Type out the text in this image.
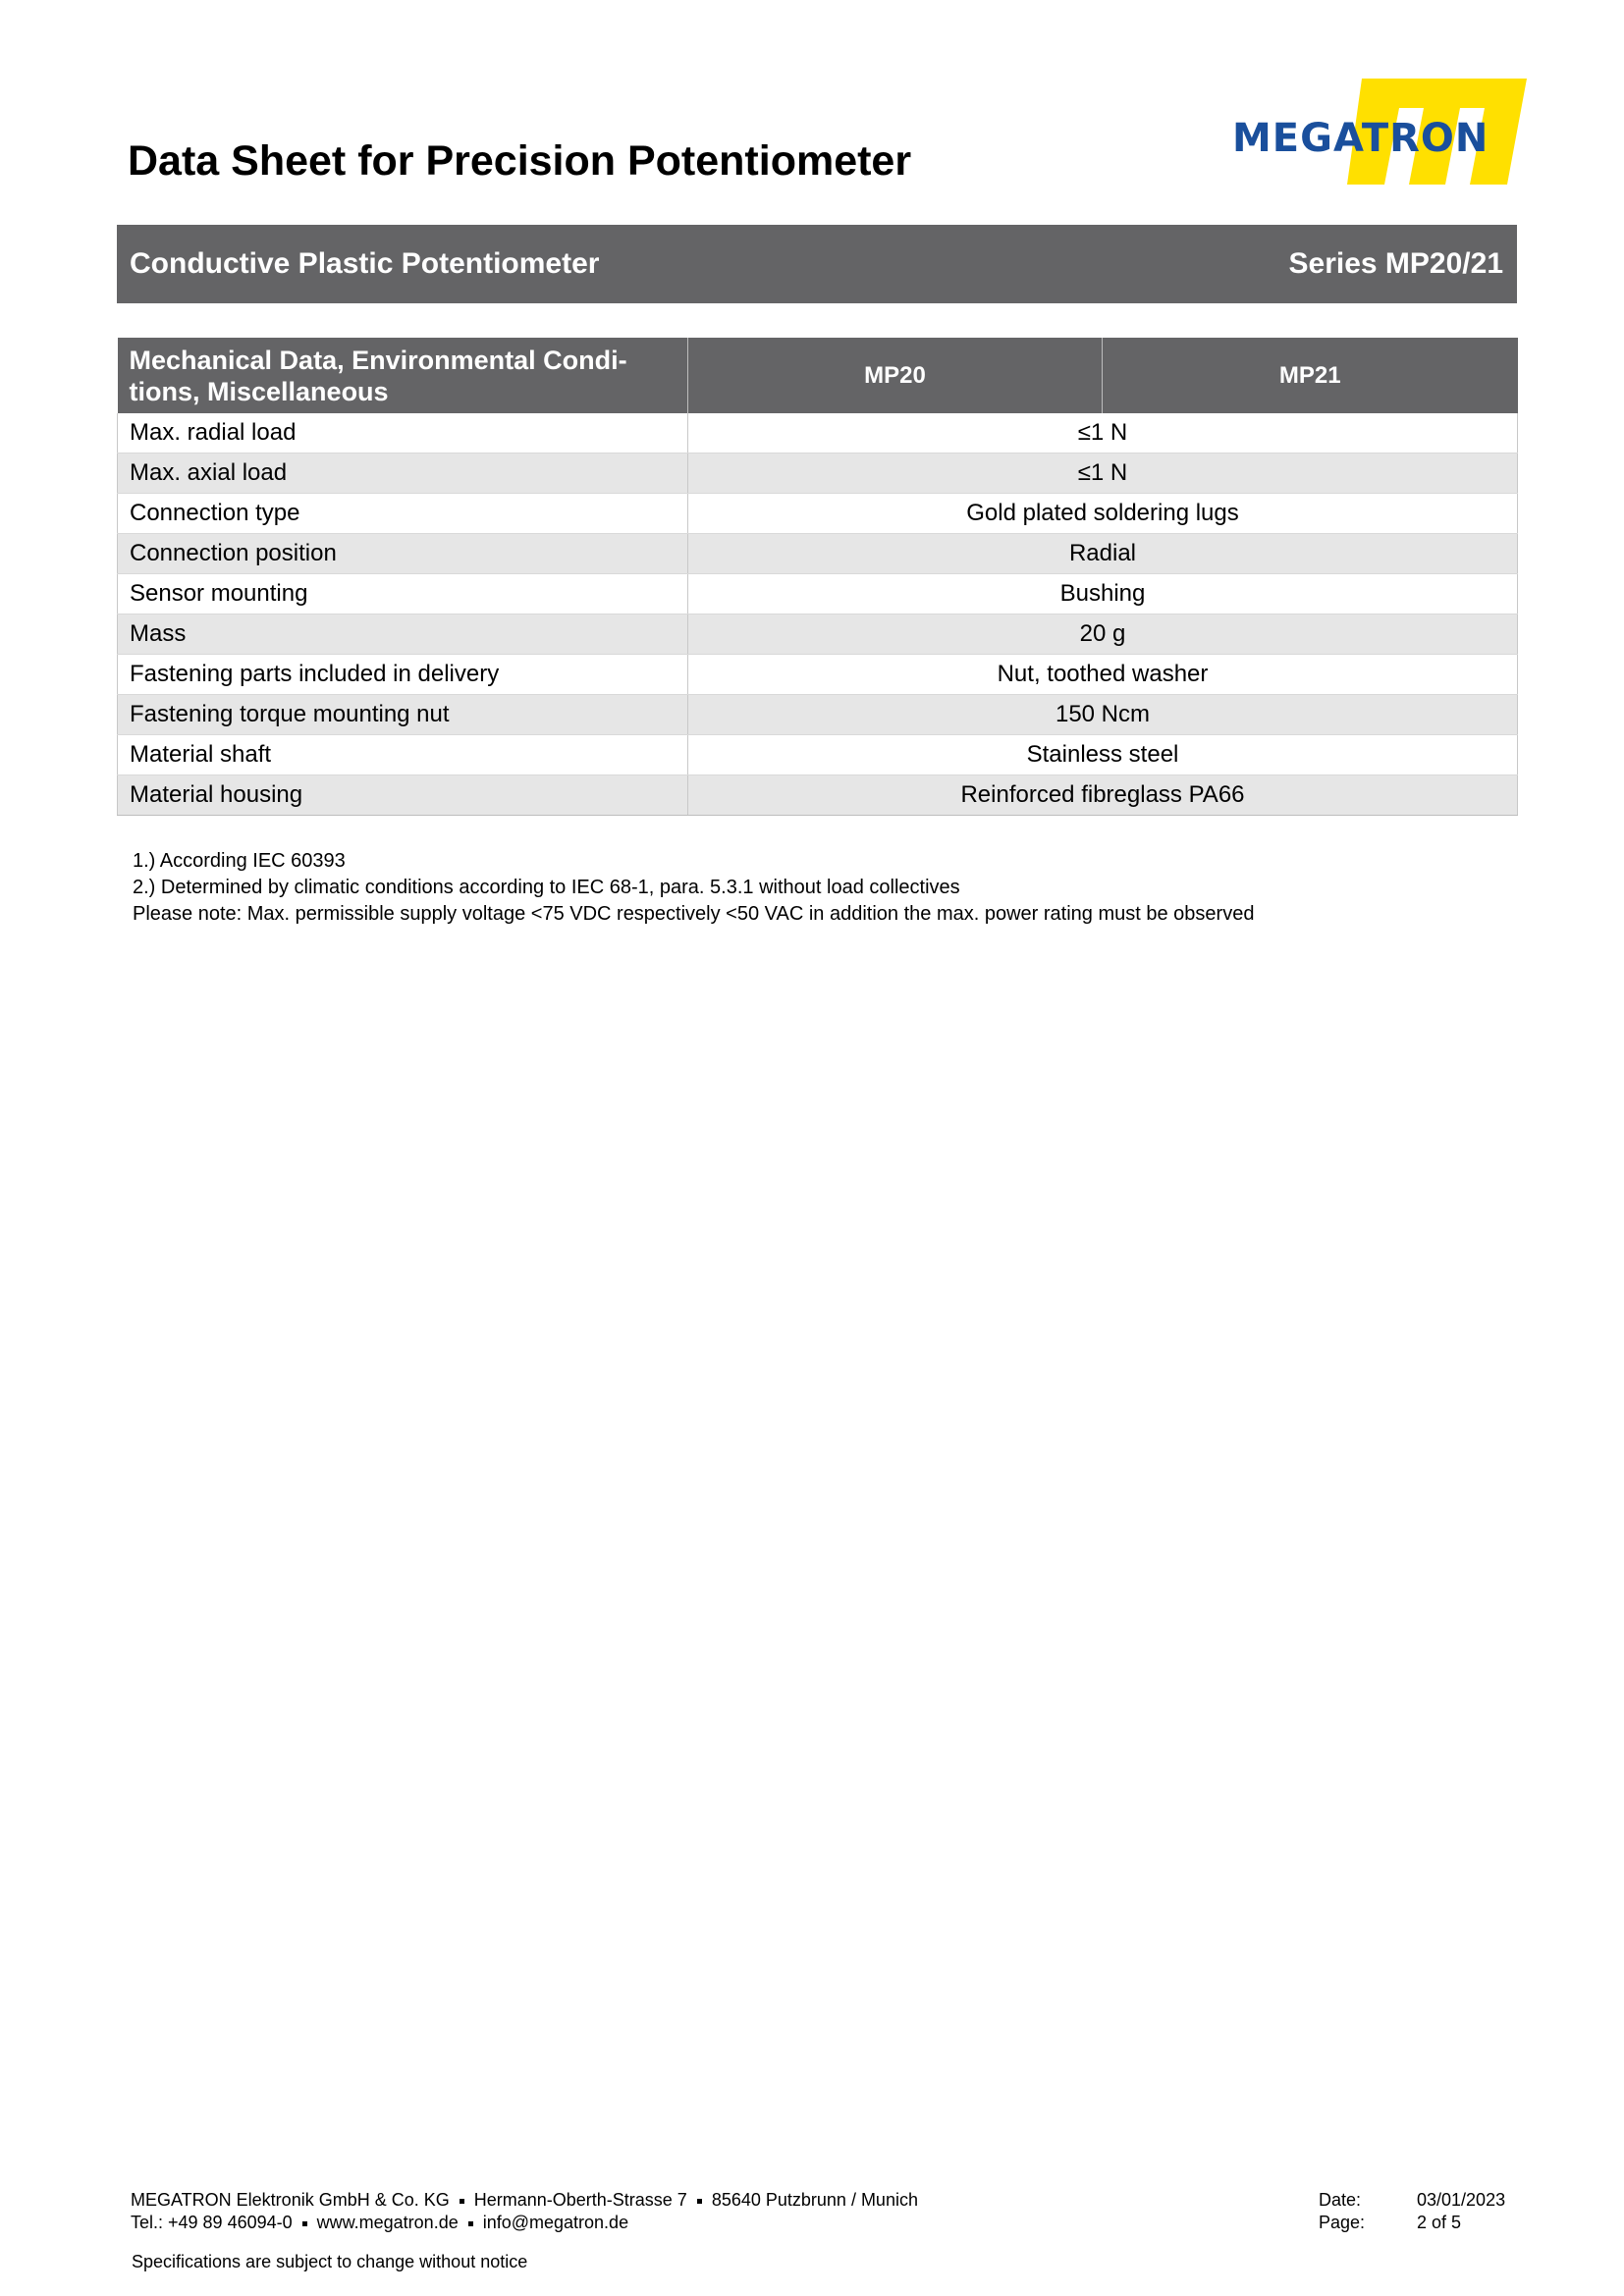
Data Sheet for Precision Potentiometer	MEGATRON
Conductive Plastic Potentiometer	Series MP20/21
Mechanical Data, Environmental Condi-
tions, Miscellaneous	MP20	MP21
Max. radial load	≤1 N	
Max. axial load	≤1 N	
Connection type	Gold plated soldering lugs	
Connection position	Radial	
Sensor mounting	Bushing	
Mass	20 g	
Fastening parts included in delivery	Nut, toothed washer	
Fastening torque mounting nut	150 Ncm	
Material shaft	Stainless steel	
Material housing	Reinforced fibreglass PA66	
1.) According IEC 60393
2.) Determined by climatic conditions according to IEC 68-1, para. 5.3.1 without load collectives
Please note: Max. permissible supply voltage <75 VDC respectively <50 VAC in addition the max. power rating must be observed
MEGATRON Elektronik GmbH & Co. KG Hermann-Oberth-Strasse 7 85640 Putzbrunn / Munich
Tel.: +49 89 46094-0 www.megatron.de info@megatron.de
Date:	03/01/2023
Page:	2 of 5
Specifications are subject to change without notice
